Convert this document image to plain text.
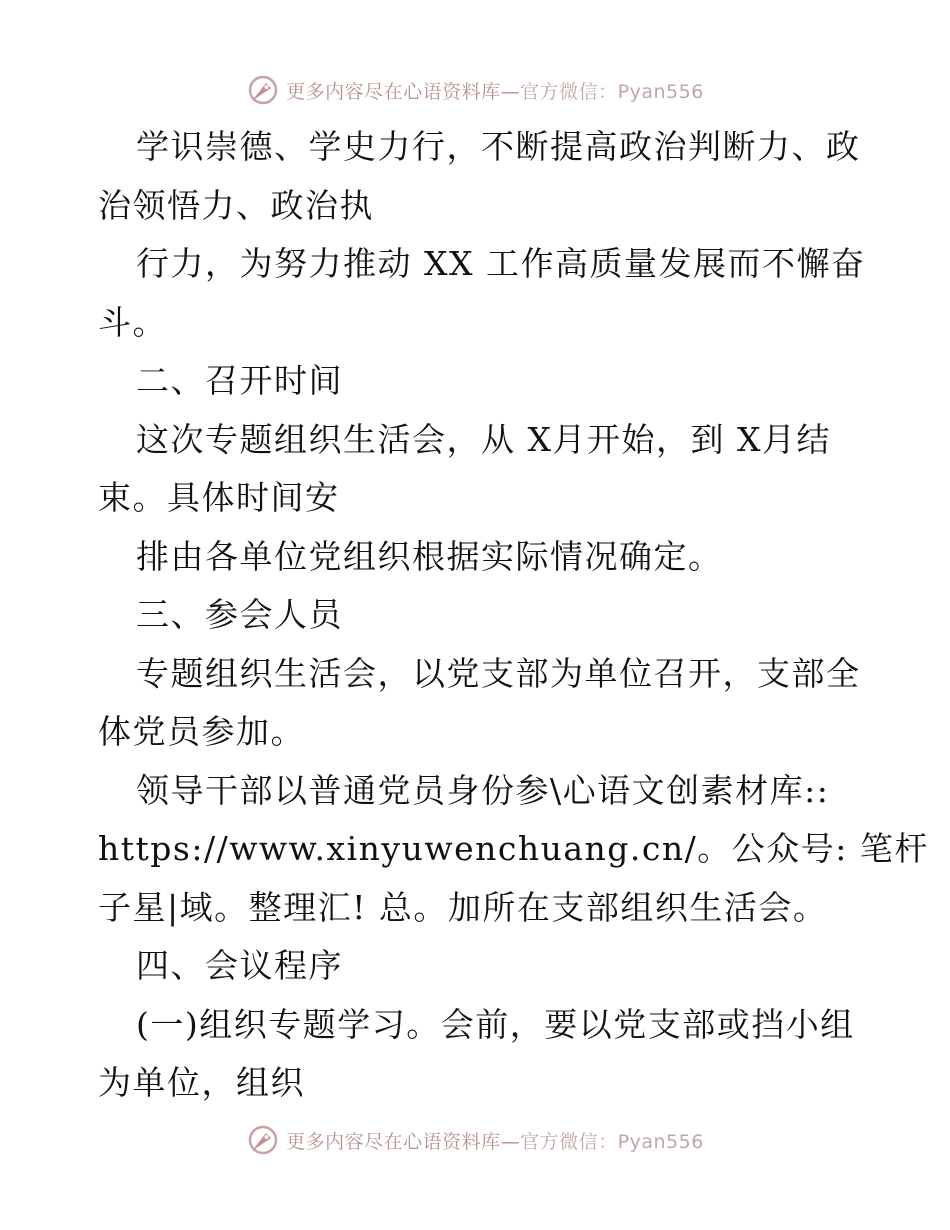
更多内容尽在心语资料库—官方微信：Pyan556
学识崇德、学史力行，不断提高政治判断力、政
治领悟力、政治执
行力，为努力推动 XX 工作高质量发展而不懈奋
斗。
二、召开时间
这次专题组织生活会，从 X月开始，到 X月结
束。具体时间安
排由各单位党组织根据实际情况确定。
三、参会人员
专题组织生活会，以党支部为单位召开，支部全
体党员参加。
领导干部以普通党员身份参\心语文创素材库::
https://www.xinyuwenchuang.cn/。公众号: 笔杆
子星|域。整理汇! 总。加所在支部组织生活会。
四、会议程序
(一)组织专题学习。会前，要以党支部或挡小组
为单位，组织
更多内容尽在心语资料库—官方微信：Pyan556
